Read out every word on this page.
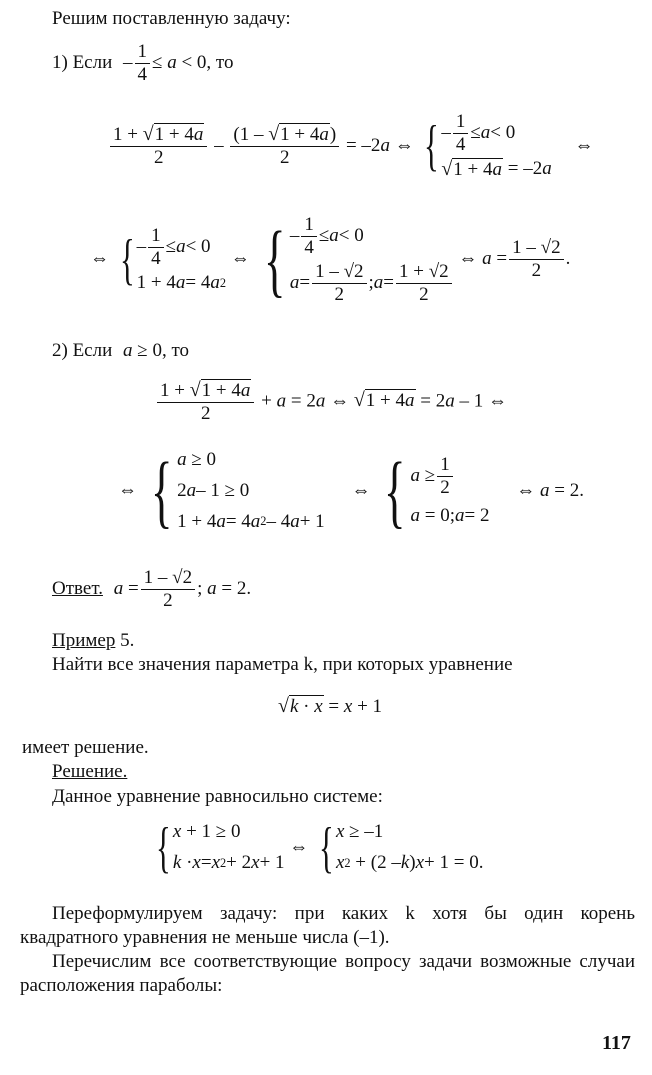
Решим поставленную задачу:
1) Если – $\frac{1}{4} \le a < 0$, то
$\frac{1 + √1 + 4a}{2} - \frac{(1 - √1 + 4a)}{2} = -2a$ ⇔ { –
1
4
≤ a < 0
√1 + 4a = –2 a
⇔
⇔ { –
1
4
≤ a < 0
1 + 4 a = 4 a 2
⇔ { –
1
4
≤ a < 0
a =
1 – √2
2
; a =
1 + √2
2
⇔ $a = \frac{1 - √2}{2}$ .
2) Если a ≥ 0, то
$\frac{1 + √1 + 4a}{2} + a = 2a$ ⇔ √1 + 4a = 2a – 1 ⇔
⇔ { a ≥ 0
2 a – 1 ≥ 0
1 + 4 a = 4 a 2 – 4 a + 1
⇔ { a ≥
1
2
a = 0; a = 2
⇔ a = 2.
Ответ. $a = \frac{1 - √2}{2}$ ; a = 2.
Пример 5.
Найти все значения параметра k, при которых уравнение
√k · x = x + 1
имеет решение.
Решение.
Данное уравнение равносильно системе:
{ x + 1 ≥ 0
k · x = x 2 + 2 x + 1
⇔ { x ≥ –1
x 2 + (2 – k ) x + 1 = 0.
Переформулируем задачу: при каких k хотя бы один корень квадратного уравнения не меньше числа (–1).
Перечислим все соответствующие вопросу задачи возможные случаи расположения параболы:
117
